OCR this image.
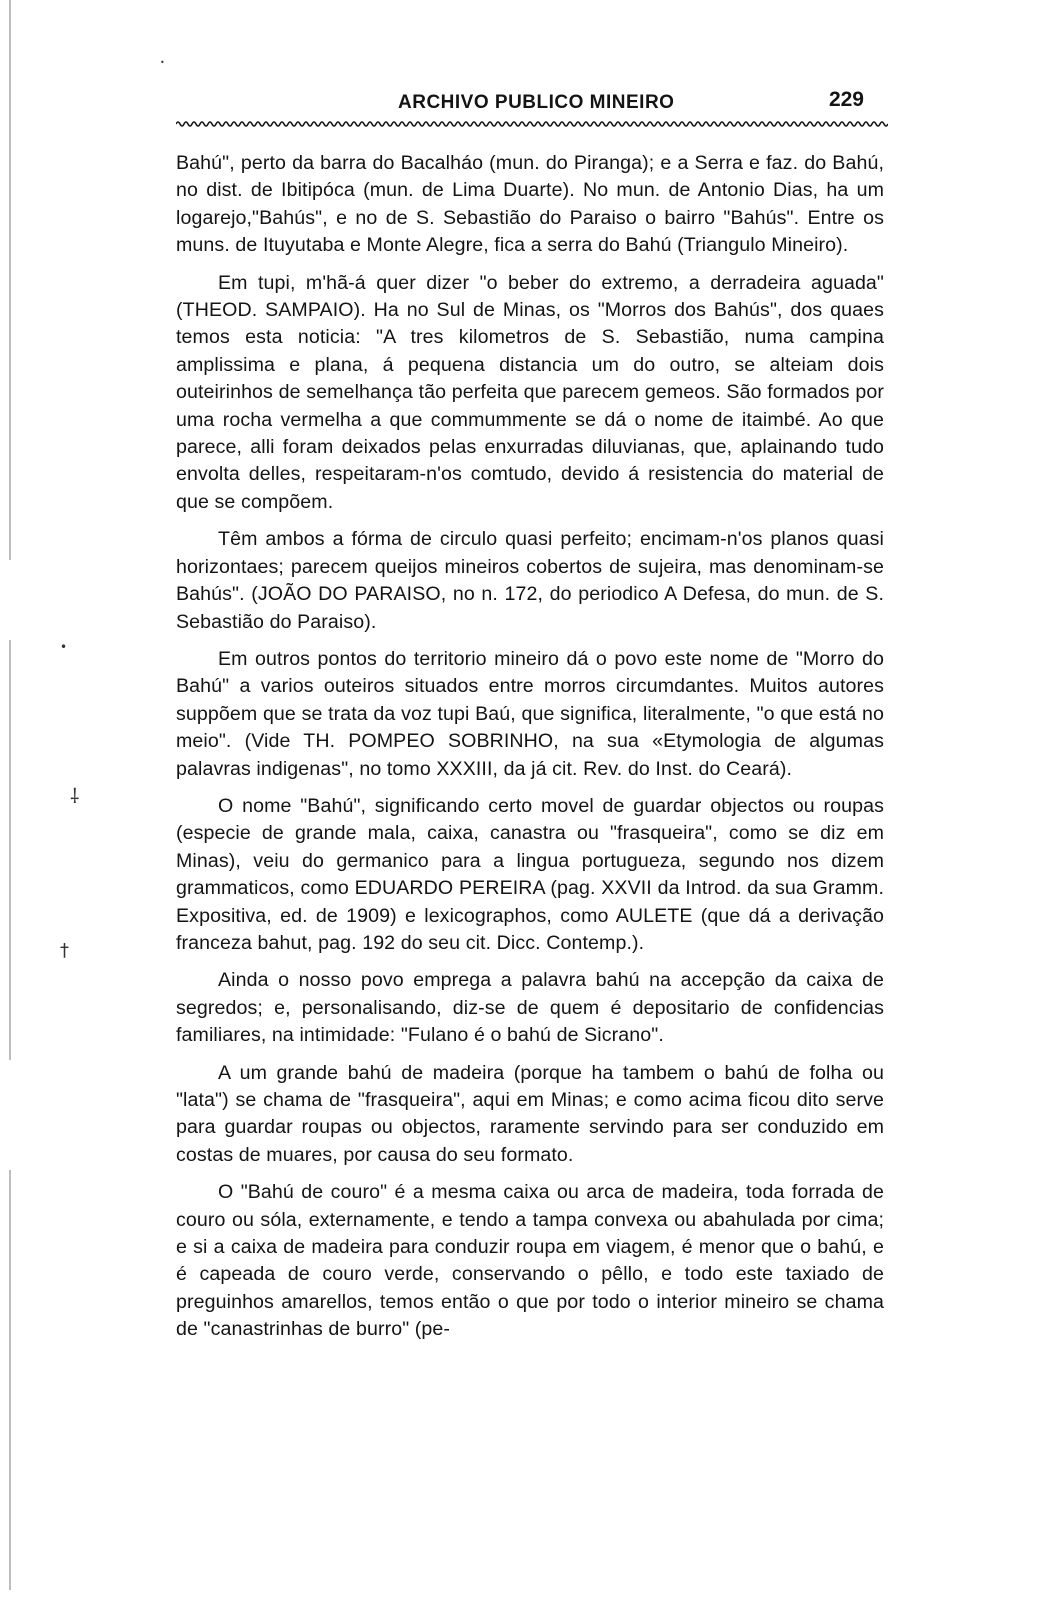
•
⸸
†
•
ARCHIVO PUBLICO MINEIRO	229

Bahú", perto da barra do Bacalháo (mun. do Piranga); e a Serra e faz. do Bahú, no dist. de Ibitipóca (mun. de Lima Duarte). No mun. de Antonio Dias, ha um logarejo,"Bahús", e no de S. Sebastião do Paraiso o bairro "Bahús". Entre os muns. de Ituyutaba e Monte Alegre, fica a serra do Bahú (Triangulo Mineiro).

Em tupi, m'hã-á quer dizer "o beber do extremo, a derradeira aguada" (THEOD. SAMPAIO). Ha no Sul de Minas, os "Morros dos Bahús", dos quaes temos esta noticia: "A tres kilometros de S. Sebastião, numa campina amplissima e plana, á pequena distancia um do outro, se alteiam dois outeirinhos de semelhança tão perfeita que parecem gemeos. São formados por uma rocha vermelha a que commummente se dá o nome de itaimbé. Ao que parece, alli foram deixados pelas enxurradas diluvianas, que, aplainando tudo envolta delles, respeitaram-n'os comtudo, devido á resistencia do material de que se compõem.

Têm ambos a fórma de circulo quasi perfeito; encimam-n'os planos quasi horizontaes; parecem queijos mineiros cobertos de sujeira, mas denominam-se Bahús". (JOÃO DO PARAISO, no n. 172, do periodico A Defesa, do mun. de S. Sebastião do Paraiso).

Em outros pontos do territorio mineiro dá o povo este nome de "Morro do Bahú" a varios outeiros situados entre morros circumdantes. Muitos autores suppõem que se trata da voz tupi Baú, que significa, literalmente, "o que está no meio". (Vide TH. POMPEO SOBRINHO, na sua «Etymologia de algumas palavras indigenas", no tomo XXXIII, da já cit. Rev. do Inst. do Ceará).

O nome "Bahú", significando certo movel de guardar objectos ou roupas (especie de grande mala, caixa, canastra ou "frasqueira", como se diz em Minas), veiu do germanico para a lingua portugueza, segundo nos dizem grammaticos, como EDUARDO PEREIRA (pag. XXVII da Introd. da sua Gramm. Expositiva, ed. de 1909) e lexicographos, como AULETE (que dá a derivação franceza bahut, pag. 192 do seu cit. Dicc. Contemp.).

Ainda o nosso povo emprega a palavra bahú na accepção da caixa de segredos; e, personalisando, diz-se de quem é depositario de confidencias familiares, na intimidade: "Fulano é o bahú de Sicrano".

A um grande bahú de madeira (porque ha tambem o bahú de folha ou "lata") se chama de "frasqueira", aqui em Minas; e como acima ficou dito serve para guardar roupas ou objectos, raramente servindo para ser conduzido em costas de muares, por causa do seu formato.

O "Bahú de couro" é a mesma caixa ou arca de madeira, toda forrada de couro ou sóla, externamente, e tendo a tampa convexa ou abahulada por cima; e si a caixa de madeira para conduzir roupa em viagem, é menor que o bahú, e é capeada de couro verde, conservando o pêllo, e todo este taxiado de preguinhos amarellos, temos então o que por todo o interior mineiro se chama de "canastrinhas de burro" (pe-
